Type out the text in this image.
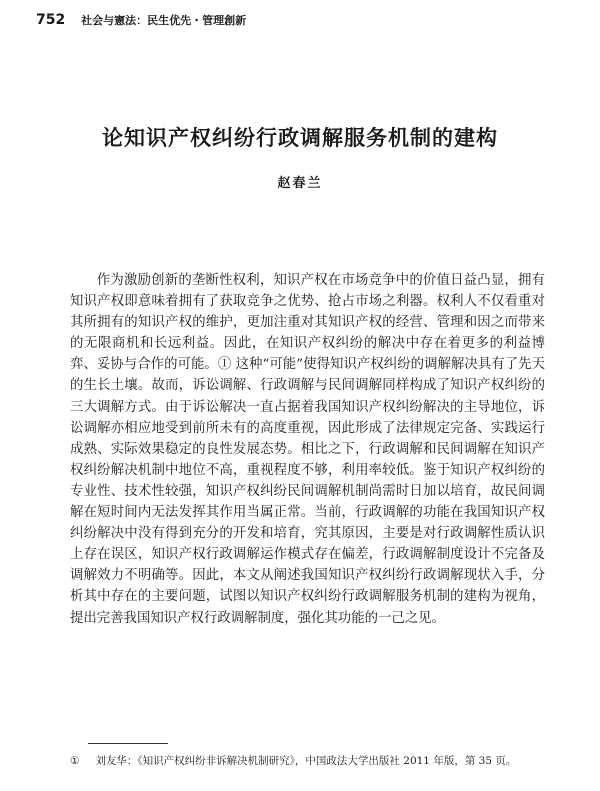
752 社会与憲法：民生优先・管理創新
论知识产权纠纷行政调解服务机制的建构
赵春兰

作为激励创新的垄断性权利，知识产权在市场竞争中的价值日益凸显，拥有知识产权即意味着拥有了获取竞争之优势、抢占市场之利器。权利人不仅看重对其所拥有的知识产权的维护，更加注重对其知识产权的经营、管理和因之而带来的无限商机和长远利益。因此，在知识产权纠纷的解决中存在着更多的利益博弈、妥协与合作的可能。① 这种“可能”使得知识产权纠纷的调解解决具有了先天的生长土壤。故而，诉讼调解、行政调解与民间调解同样构成了知识产权纠纷的三大调解方式。由于诉讼解决一直占据着我国知识产权纠纷解决的主导地位，诉讼调解亦相应地受到前所未有的高度重视，因此形成了法律规定完备、实践运行成熟、实际效果稳定的良性发展态势。相比之下，行政调解和民间调解在知识产权纠纷解决机制中地位不高，重视程度不够，利用率较低。鉴于知识产权纠纷的专业性、技术性较强，知识产权纠纷民间调解机制尚需时日加以培育，故民间调解在短时间内无法发挥其作用当属正常。当前，行政调解的功能在我国知识产权纠纷解决中没有得到充分的开发和培育，究其原因，主要是对行政调解性质认识上存在误区，知识产权行政调解运作模式存在偏差，行政调解制度设计不完备及调解效力不明确等。因此，本文从阐述我国知识产权纠纷行政调解现状入手，分析其中存在的主要问题，试图以知识产权纠纷行政调解服务机制的建构为视角，提出完善我国知识产权行政调解制度，强化其功能的一己之见。

① 刘友华：《知识产权纠纷非诉解决机制研究》，中国政法大学出版社 2011 年版，第 35 页。
